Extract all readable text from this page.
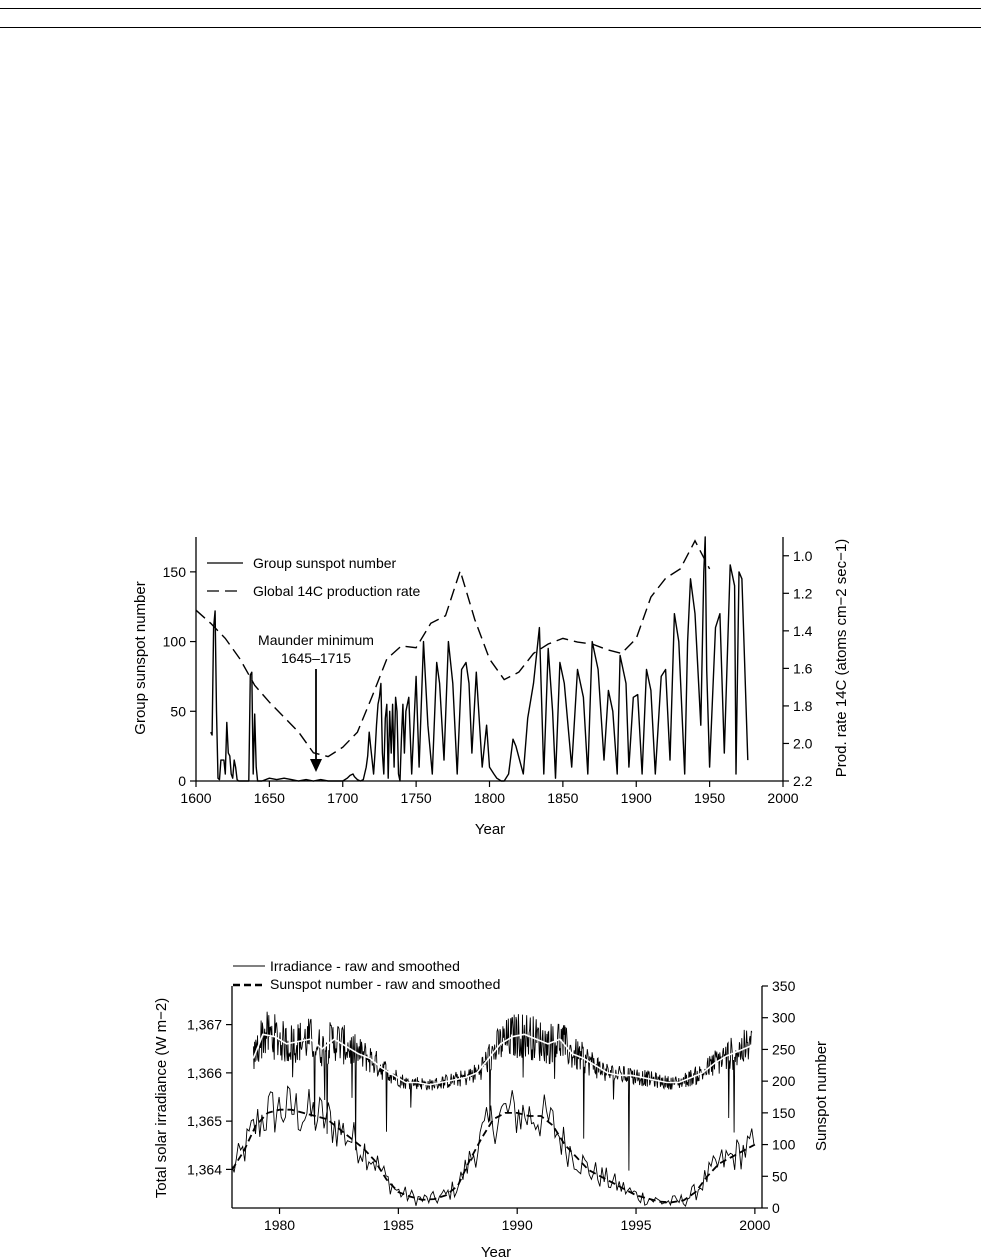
1600	1650	1700	1750	1800	1850	1900	1950	2000
0
50
100
150
1.0
1.2
1.4
1.6
1.8
2.0
2.2
Group sunspot number
Global 14C production rate
Maunder minimum
1645–1715
Year
Group sunspot number	Prod. rate 14C (atoms cm−2 sec−1)
1980	1985	1990	1995	2000
1,364
1,365
1,366
1,367
0
50
100
150
200
250
300
350
Irradiance - raw and smoothed
Sunspot number - raw and smoothed
Year
Total solar irradiance (W m−2)	Sunspot number
